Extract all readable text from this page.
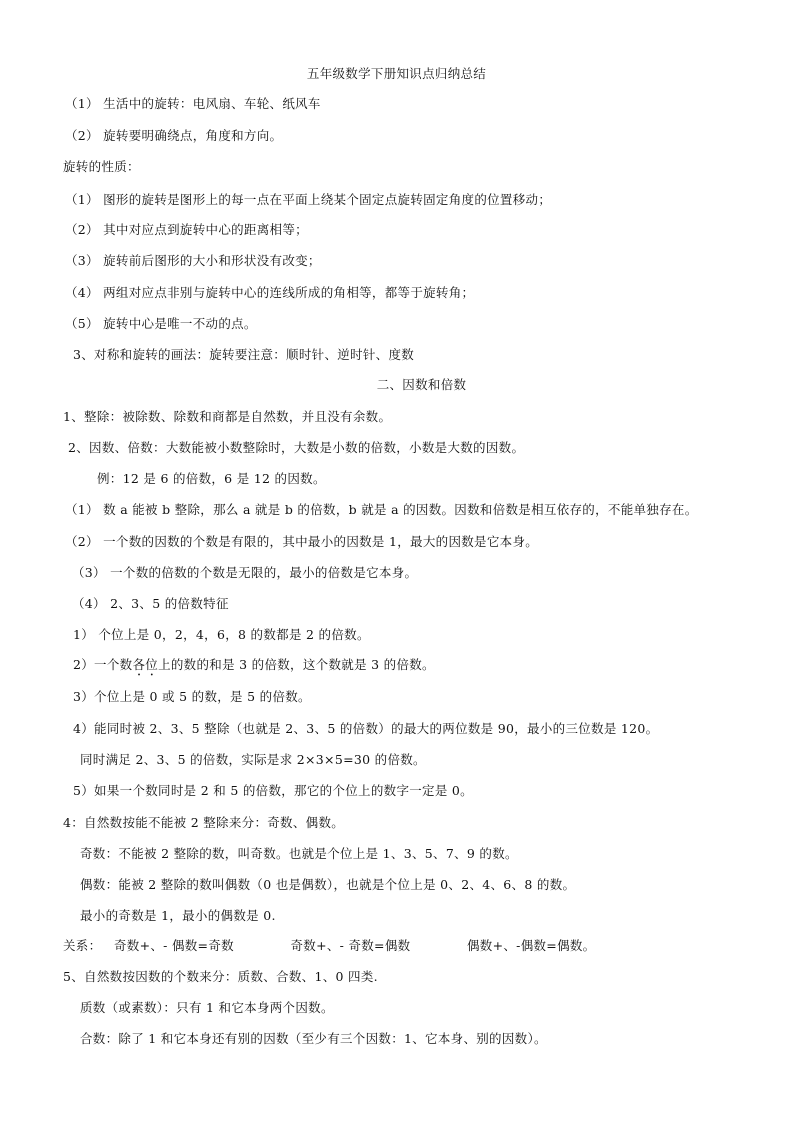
五年级数学下册知识点归纳总结
（1） 生活中的旋转：电风扇、车轮、纸风车
（2） 旋转要明确绕点，角度和方向。
旋转的性质：
（1） 图形的旋转是图形上的每一点在平面上绕某个固定点旋转固定角度的位置移动；
（2） 其中对应点到旋转中心的距离相等；
（3） 旋转前后图形的大小和形状没有改变；
（4） 两组对应点非别与旋转中心的连线所成的角相等，都等于旋转角；
（5） 旋转中心是唯一不动的点。
3、对称和旋转的画法：旋转要注意：顺时针、逆时针、度数
二、因数和倍数
1、整除：被除数、除数和商都是自然数，并且没有余数。
2、因数、倍数：大数能被小数整除时，大数是小数的倍数，小数是大数的因数。
例：12 是 6 的倍数，6 是 12 的因数。
（1） 数 a 能被 b 整除，那么 a 就是 b 的倍数，b 就是 a 的因数。因数和倍数是相互依存的，不能单独存在。
（2） 一个数的因数的个数是有限的，其中最小的因数是 1，最大的因数是它本身。
（3） 一个数的倍数的个数是无限的，最小的倍数是它本身。
（4） 2、3、5 的倍数特征
1） 个位上是 0，2，4，6，8 的数都是 2 的倍数。
2）一个数各位上的数的和是 3 的倍数，这个数就是 3 的倍数。
3）个位上是 0 或 5 的数，是 5 的倍数。
4）能同时被 2、3、5 整除（也就是 2、3、5 的倍数）的最大的两位数是 90，最小的三位数是 120。
同时满足 2、3、5 的倍数，实际是求 2×3×5=30 的倍数。
5）如果一个数同时是 2 和 5 的倍数，那它的个位上的数字一定是 0。
4：自然数按能不能被 2 整除来分：奇数、偶数。
奇数：不能被 2 整除的数，叫奇数。也就是个位上是 1、3、5、7、9 的数。
偶数：能被 2 整除的数叫偶数（0 也是偶数），也就是个位上是 0、2、4、6、8 的数。
最小的奇数是 1，最小的偶数是 0.
关系： 奇数+、- 偶数=奇数	奇数+、- 奇数=偶数	偶数+、-偶数=偶数。
5、自然数按因数的个数来分：质数、合数、1、0 四类.
质数（或素数）：只有 1 和它本身两个因数。
合数：除了 1 和它本身还有别的因数（至少有三个因数：1、它本身、别的因数）。
